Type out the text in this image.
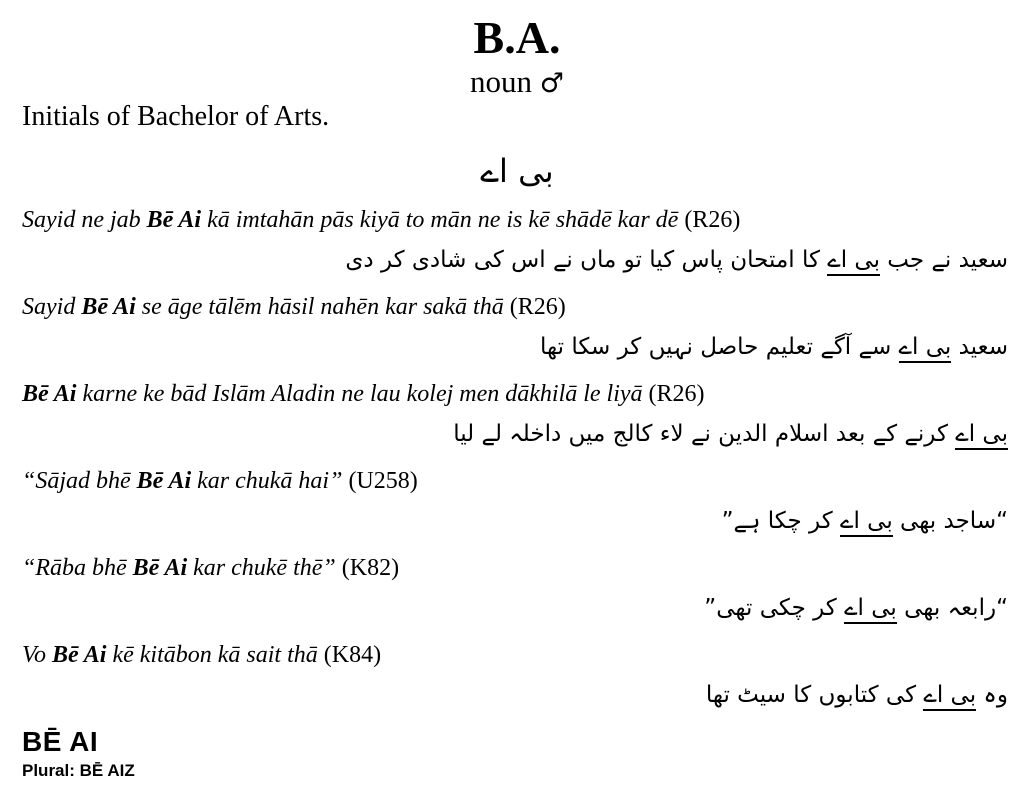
B.A.

noun ♂

Initials of Bachelor of Arts.

بی اے

Sayid ne jab Bē Ai kā imtahān pās kiyā to mān ne is kē shādē kar dē (R26)

سعید نے جب بی اے کا امتحان پاس کیا تو ماں نے اس کی شادی کر دی

Sayid Bē Ai se āge tālēm hāsil nahēn kar sakā thā (R26)

سعید بی اے سے آگے تعلیم حاصل نہیں کر سکا تھا

Bē Ai karne ke bād Islām Aladin ne lau kolej men dākhilā le liyā (R26)

بی اے کرنے کے بعد اسلام الدین نے لاء کالج میں داخلہ لے لیا

“Sājad bhē Bē Ai kar chukā hai” (U258)

“ساجد بھی بی اے کر چکا ہے”

“Rāba bhē Bē Ai kar chukē thē” (K82)

“رابعہ بھی بی اے کر چکی تھی”

Vo Bē Ai kē kitābon kā sait thā (K84)

وہ بی اے کی کتابوں کا سیٹ تھا

BĒ AI

Plural: BĒ AIZ
